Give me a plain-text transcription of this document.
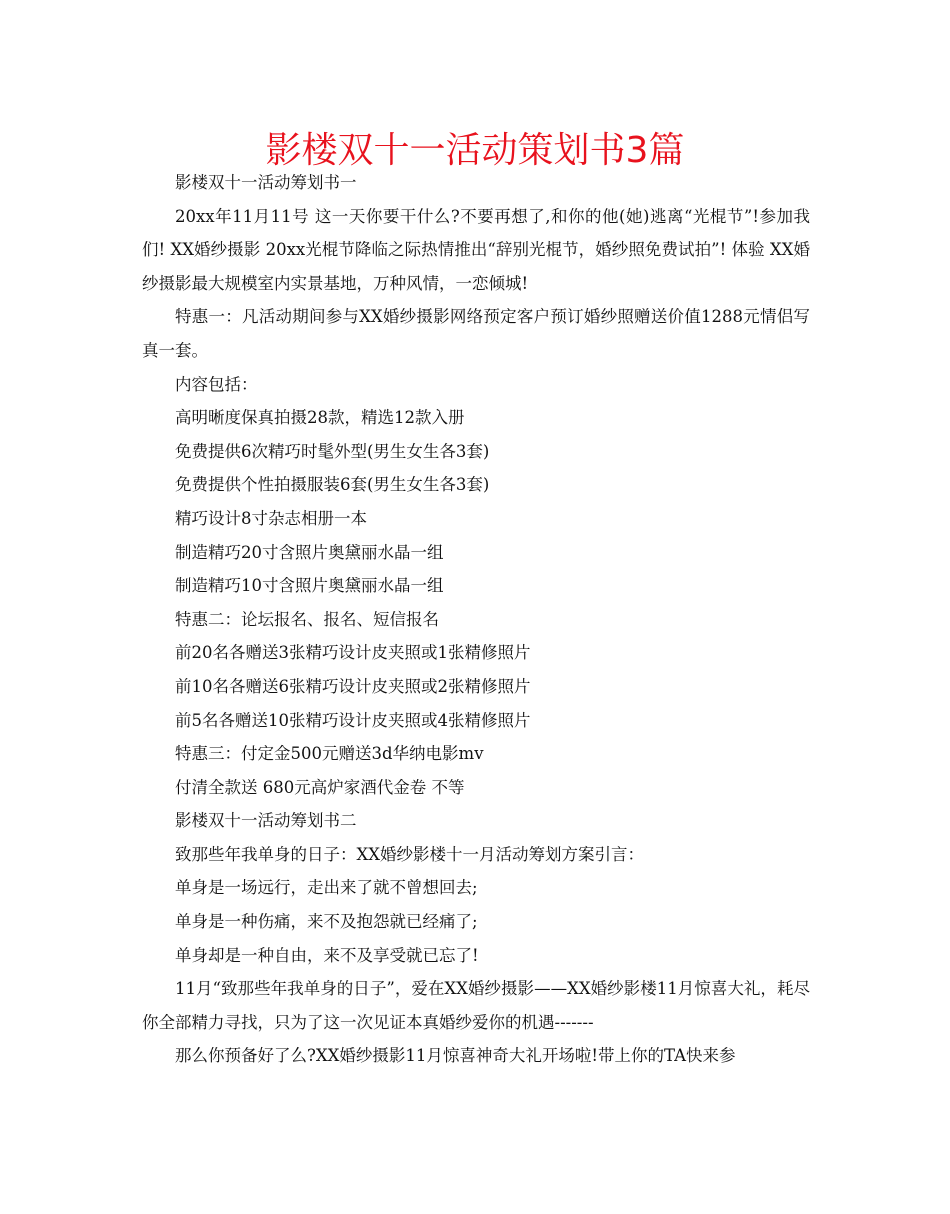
影楼双十一活动策划书3篇

影楼双十一活动筹划书一

20xx年11月11号 这一天你要干什么?不要再想了,和你的他(她)逃离“光棍节”!参加我们! XX婚纱摄影 20xx光棍节降临之际热情推出“辞别光棍节，婚纱照免费试拍”! 体验 XX婚纱摄影最大规模室内实景基地，万种风情，一恋倾城!

特惠一：凡活动期间参与XX婚纱摄影网络预定客户预订婚纱照赠送价值1288元情侣写真一套。

内容包括：

高明晰度保真拍摄28款，精选12款入册

免费提供6次精巧时髦外型(男生女生各3套)

免费提供个性拍摄服装6套(男生女生各3套)

精巧设计8寸杂志相册一本

制造精巧20寸含照片奥黛丽水晶一组

制造精巧10寸含照片奥黛丽水晶一组

特惠二：论坛报名、报名、短信报名

前20名各赠送3张精巧设计皮夹照或1张精修照片

前10名各赠送6张精巧设计皮夹照或2张精修照片

前5名各赠送10张精巧设计皮夹照或4张精修照片

特惠三：付定金500元赠送3d华纳电影mv

付清全款送 680元高炉家酒代金卷 不等

影楼双十一活动筹划书二

致那些年我单身的日子：XX婚纱影楼十一月活动筹划方案引言：

单身是一场远行，走出来了就不曾想回去;

单身是一种伤痛，来不及抱怨就已经痛了;

单身却是一种自由，来不及享受就已忘了!

11月“致那些年我单身的日子”，爱在XX婚纱摄影——XX婚纱影楼11月惊喜大礼，耗尽你全部精力寻找，只为了这一次见证本真婚纱爱你的机遇-------

那么你预备好了么?XX婚纱摄影11月惊喜神奇大礼开场啦!带上你的TA快来参
